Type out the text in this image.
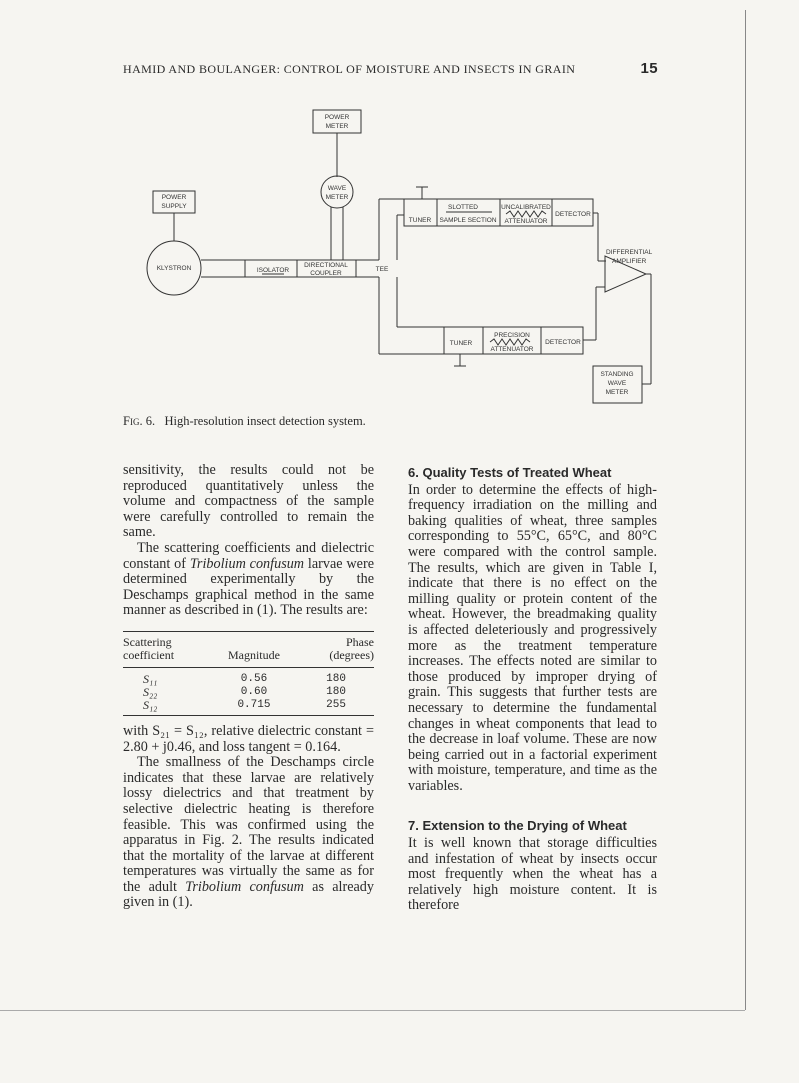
HAMID AND BOULANGER: CONTROL OF MOISTURE AND INSECTS IN GRAIN	15
POWER
METER
WAVE
METER
POWER
SUPPLY
KLYSTRON	ISOLATOR
DIRECTIONAL
COUPLER
TEE
TUNER
SLOTTED
SAMPLE SECTION
UNCALIBRATED
ATTENUATOR
DETECTOR
DIFFERENTIAL
AMPLIFIER
TUNER
PRECISION
ATTENUATOR
DETECTOR
STANDING
WAVE
METER
Fig. 6. High-resolution insect detection system.

sensitivity, the results could not be reproduced quantitatively unless the volume and compactness of the sample were carefully controlled to remain the same.

The scattering coefficients and dielectric constant of Tribolium confusum larvae were determined experimentally by the Deschamps graphical method in the same manner as described in (1). The results are:

Scattering
coefficient	Magnitude	Phase
(degrees)
S₁₁	0.56	180
S₂₂	0.60	180
S₁₂	0.715	255

with S₂₁ = S₁₂, relative dielectric constant = 2.80 + j0.46, and loss tangent = 0.164.

The smallness of the Deschamps circle indicates that these larvae are relatively lossy dielectrics and that treatment by selective dielectric heating is therefore feasible. This was confirmed using the apparatus in Fig. 2. The results indicated that the mortality of the larvae at different temperatures was virtually the same as for the adult Tribolium confusum as already given in (1).

6. Quality Tests of Treated Wheat

In order to determine the effects of high-frequency irradiation on the milling and baking qualities of wheat, three samples corresponding to 55°C, 65°C, and 80°C were compared with the control sample. The results, which are given in Table I, indicate that there is no effect on the milling quality or protein content of the wheat. However, the breadmaking quality is affected deleteriously and progressively more as the treatment temperature increases. The effects noted are similar to those produced by improper drying of grain. This suggests that further tests are necessary to determine the fundamental changes in wheat components that lead to the decrease in loaf volume. These are now being carried out in a factorial experiment with moisture, temperature, and time as the variables.

7. Extension to the Drying of Wheat

It is well known that storage difficulties and infestation of wheat by insects occur most frequently when the wheat has a relatively high moisture content. It is therefore
